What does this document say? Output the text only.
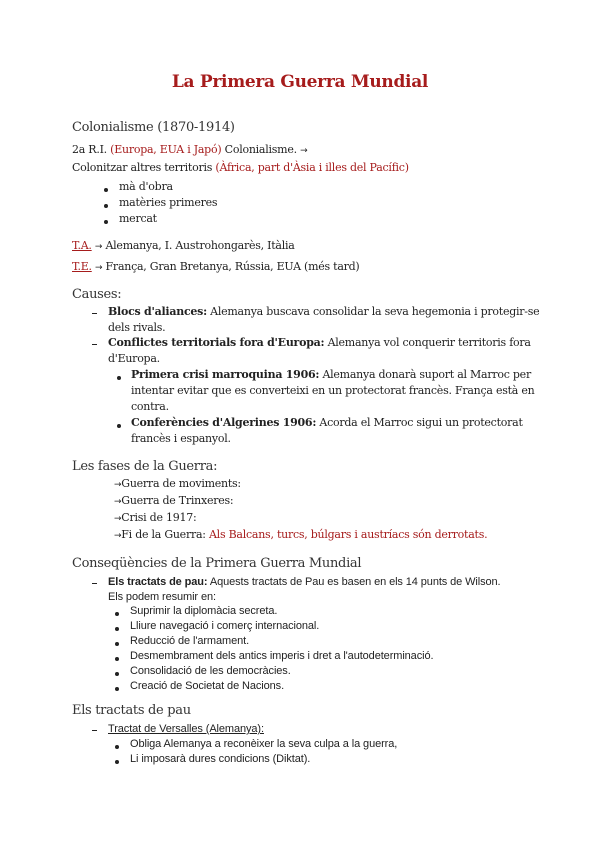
La Primera Guerra Mundial
Colonialisme (1870-1914)
2a R.I. (Europa, EUA i Japó) Colonialisme. →
Colonitzar altres territoris (Àfrica, part d'Àsia i illes del Pacífic)
mà d'obra
matèries primeres
mercat
T.A. → Alemanya, I. Austrohongarès, Itàlia
T.E. → França, Gran Bretanya, Rússia, EUA (més tard)
Causes:
Blocs d'aliances: Alemanya buscava consolidar la seva hegemonia i protegir-se
dels rivals.
Conflictes territorials fora d'Europa: Alemanya vol conquerir territoris fora
d'Europa.
Primera crisi marroquina 1906: Alemanya donarà suport al Marroc per
intentar evitar que es converteixi en un protectorat francès. França està en
contra.
Conferències d'Algerines 1906: Acorda el Marroc sigui un protectorat
francès i espanyol.
Les fases de la Guerra:
→Guerra de moviments:
→Guerra de Trinxeres:
→Crisi de 1917:
→Fi de la Guerra: Als Balcans, turcs, búlgars i austríacs són derrotats.
Conseqüències de la Primera Guerra Mundial
Els tractats de pau: Aquests tractats de Pau es basen en els 14 punts de Wilson.
Els podem resumir en:
Suprimir la diplomàcia secreta.
Lliure navegació i comerç internacional.
Reducció de l'armament.
Desmembrament dels antics imperis i dret a l'autodeterminació.
Consolidació de les democràcies.
Creació de Societat de Nacions.
Els tractats de pau
Tractat de Versalles (Alemanya):
Obliga Alemanya a reconèixer la seva culpa a la guerra,
Li imposarà dures condicions (Diktat).
